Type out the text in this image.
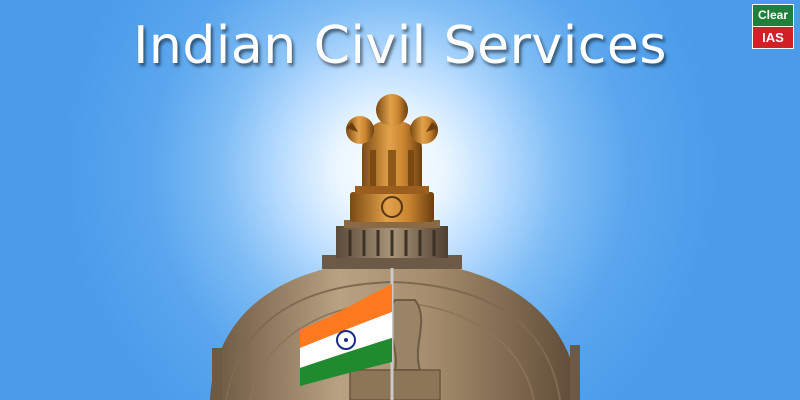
Indian Civil Services
Clear
IAS
